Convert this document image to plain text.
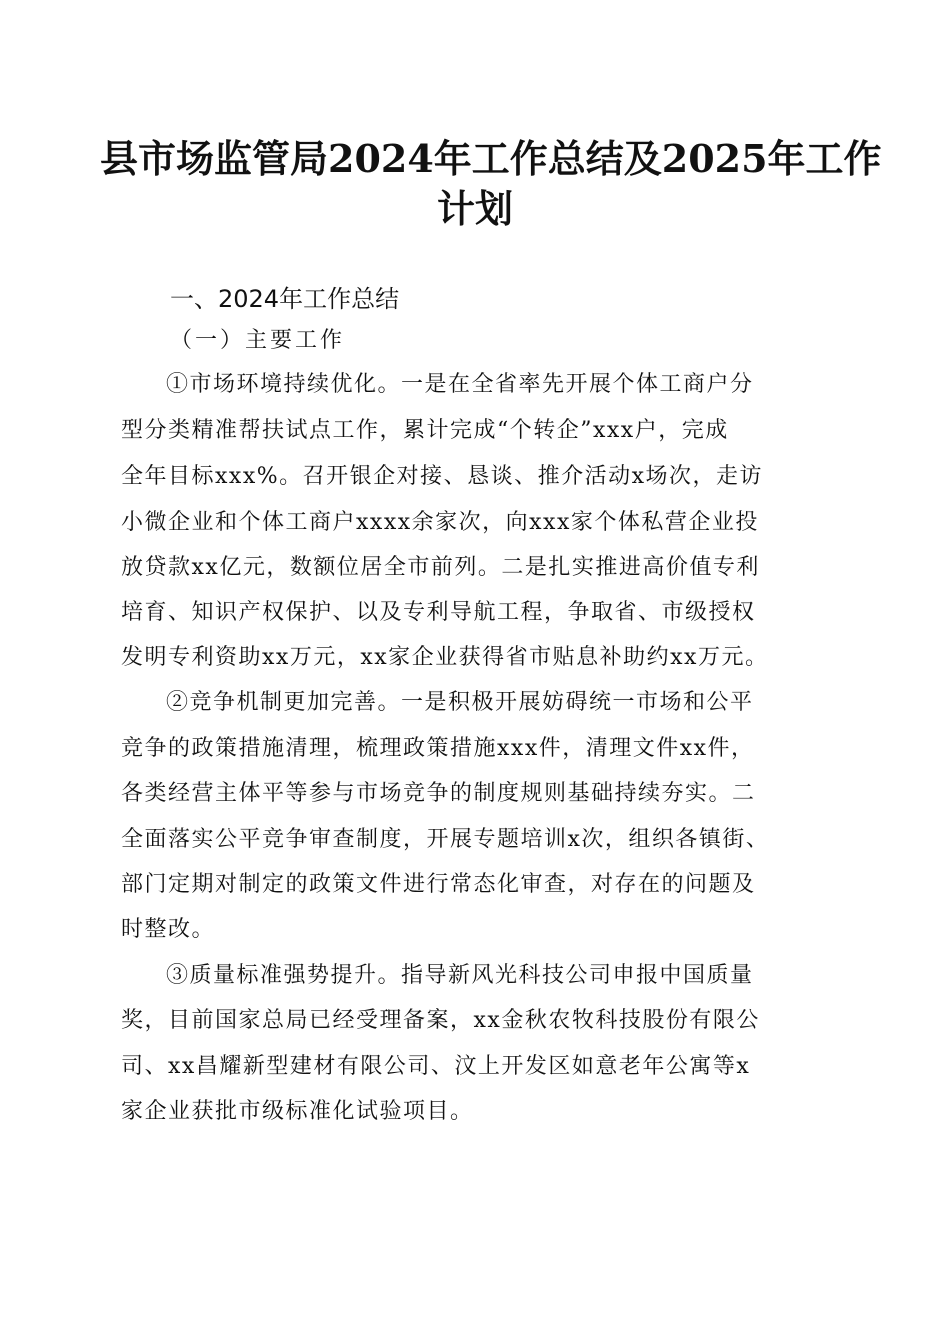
县市场监管局2024年工作总结及2025年工作
计划
一、2024年工作总结
（一）主要工作
①市场环境持续优化。一是在全省率先开展个体工商户分
型分类精准帮扶试点工作，累计完成“个转企”xxx户，完成
全年目标xxx%。召开银企对接、恳谈、推介活动x场次，走访
小微企业和个体工商户xxxx余家次，向xxx家个体私营企业投
放贷款xx亿元，数额位居全市前列。二是扎实推进高价值专利
培育、知识产权保护、以及专利导航工程，争取省、市级授权
发明专利资助xx万元，xx家企业获得省市贴息补助约xx万元。
②竞争机制更加完善。一是积极开展妨碍统一市场和公平
竞争的政策措施清理，梳理政策措施xxx件，清理文件xx件，
各类经营主体平等参与市场竞争的制度规则基础持续夯实。二
全面落实公平竞争审查制度，开展专题培训x次，组织各镇街、
部门定期对制定的政策文件进行常态化审查，对存在的问题及
时整改。
③质量标准强势提升。指导新风光科技公司申报中国质量
奖，目前国家总局已经受理备案，xx金秋农牧科技股份有限公
司、xx昌耀新型建材有限公司、汶上开发区如意老年公寓等x
家企业获批市级标准化试验项目。
